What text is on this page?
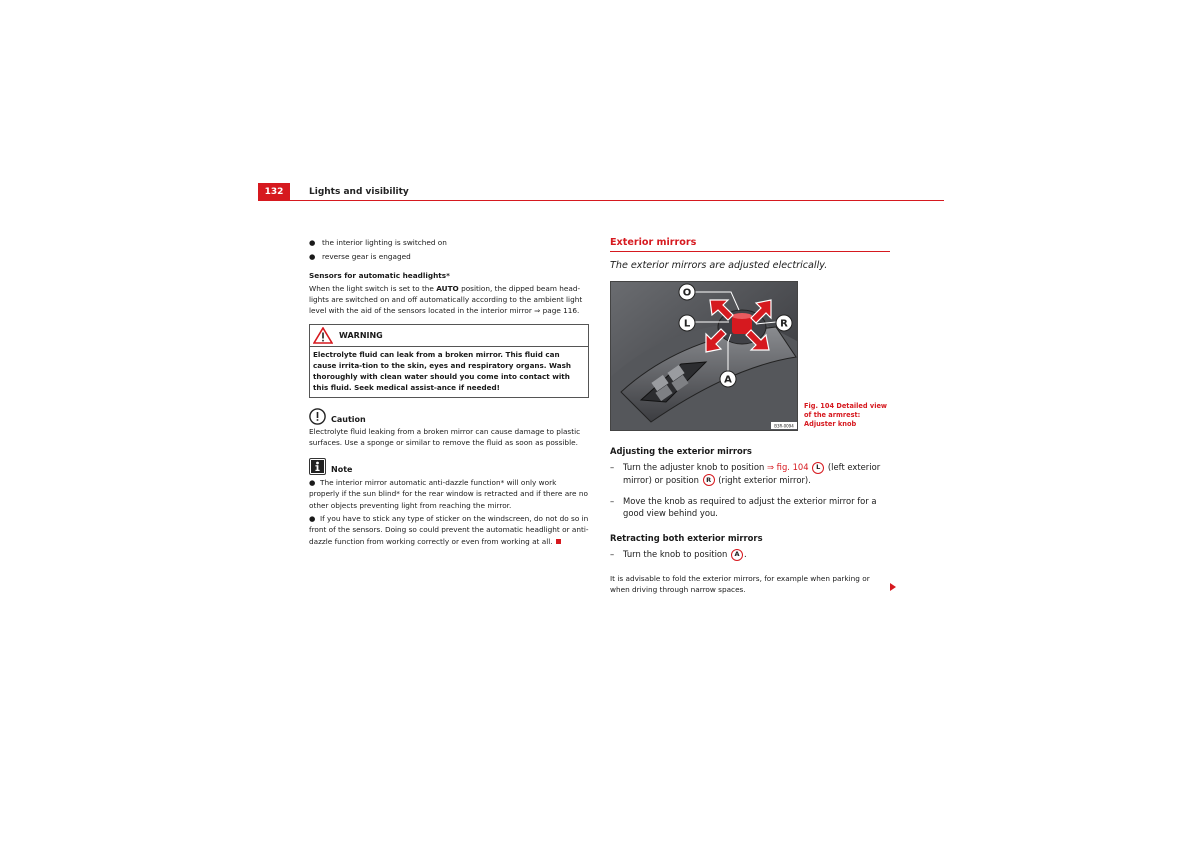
132	Lights and visibility
● the interior lighting is switched on
● reverse gear is engaged
Sensors for automatic headlights*

When the light switch is set to the AUTO position, the dipped beam head-lights are switched on and off automatically according to the ambient light level with the aid of the sensors located in the interior mirror ⇒ page 116.

WARNING
Electrolyte fluid can leak from a broken mirror. This fluid can cause irrita-tion to the skin, eyes and respiratory organs. Wash thoroughly with clean water should you come into contact with this fluid. Seek medical assist-ance if needed!
Caution

Electrolyte fluid leaking from a broken mirror can cause damage to plastic surfaces. Use a sponge or similar to remove the fluid as soon as possible.

Note
●  The interior mirror automatic anti-dazzle function* will only work properly if the sun blind* for the rear window is retracted and if there are no other objects preventing light from reaching the mirror.
●  If you have to stick any type of sticker on the windscreen, do not do so in front of the sensors. Doing so could prevent the automatic headlight or anti-dazzle function from working correctly or even from working at all.
Exterior mirrors
The exterior mirrors are adjusted electrically.
O
L	R
A
B3R-0094
Fig. 104 Detailed view of the armrest: Adjuster knob
Adjusting the exterior mirrors
– Turn the adjuster knob to position ⇒ fig. 104 L (left exterior mirror) or position R (right exterior mirror).
– Move the knob as required to adjust the exterior mirror for a good view behind you.
Retracting both exterior mirrors
– Turn the knob to position A .

It is advisable to fold the exterior mirrors, for example when parking or when driving through narrow spaces.
